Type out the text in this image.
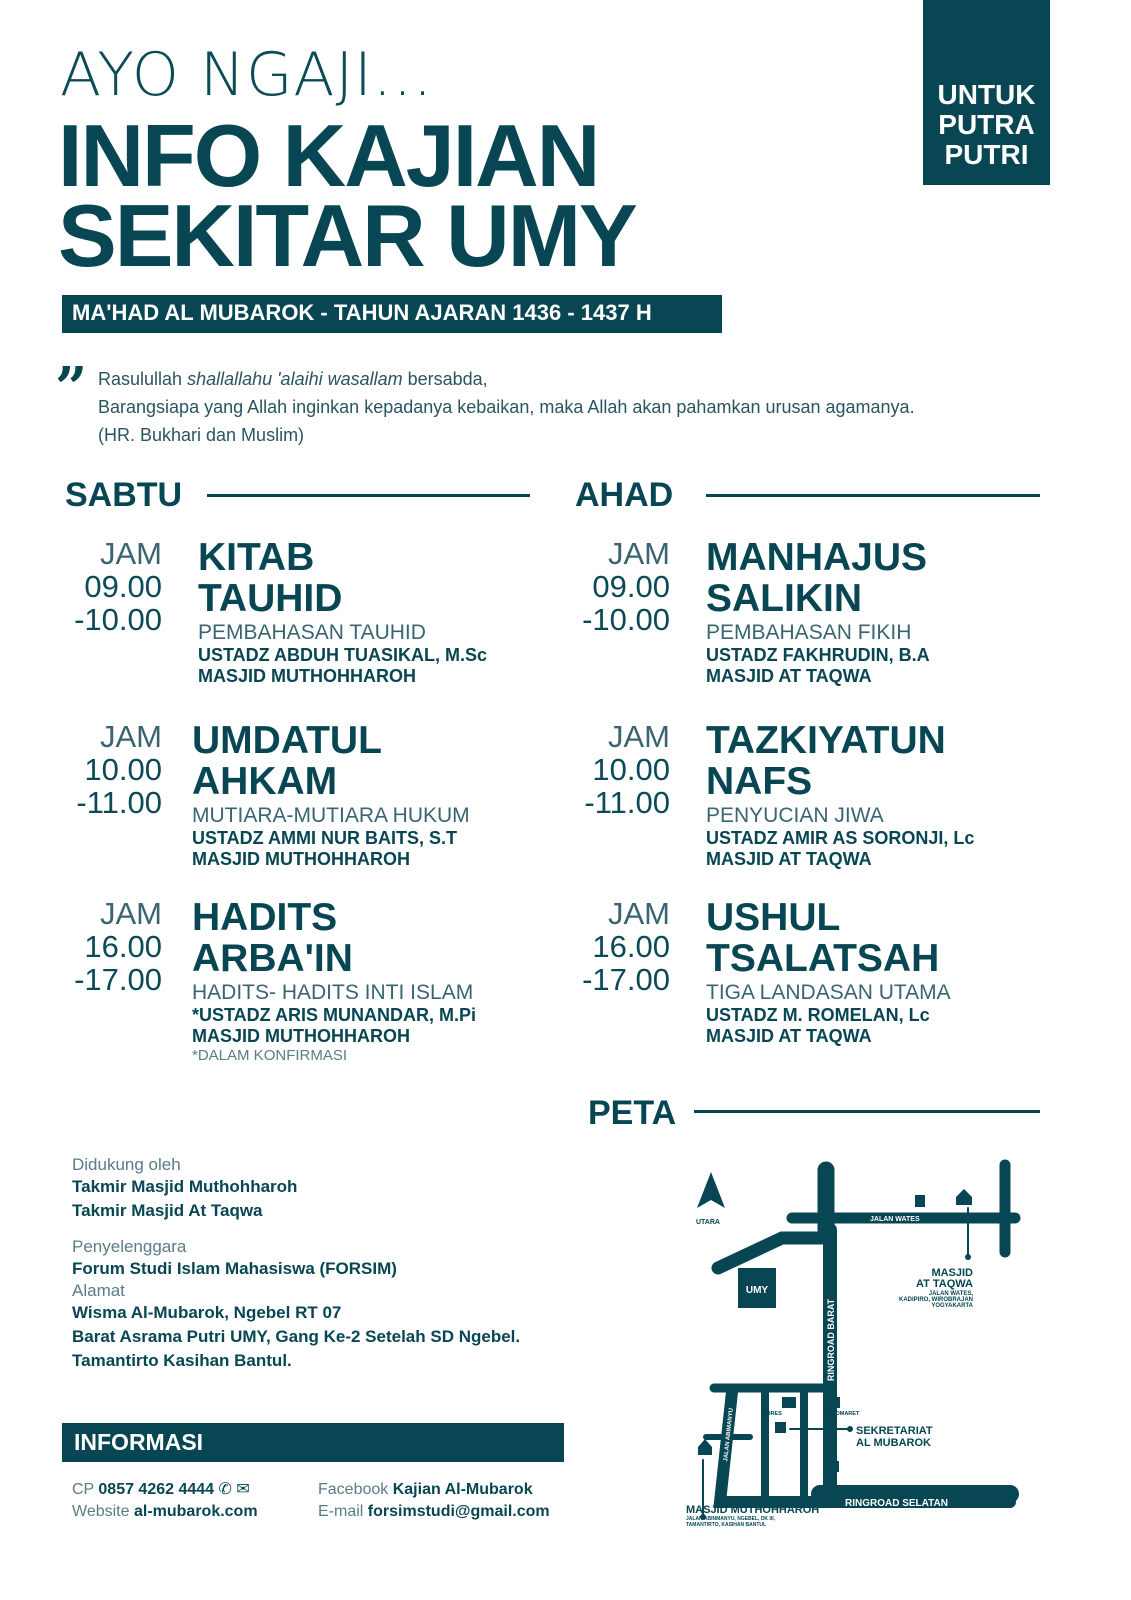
AYO NGAJI...
INFO KAJIAN
SEKITAR UMY
MA'HAD AL MUBAROK - TAHUN AJARAN 1436 - 1437 H
UNTUK
PUTRA
PUTRI
” Rasulullah shallallahu 'alaihi wasallam bersabda,
Barangsiapa yang Allah inginkan kepadanya kebaikan, maka Allah akan pahamkan urusan agamanya.
(HR. Bukhari dan Muslim)
SABTU	AHAD
JAM
09.00
-10.00
KITAB
TAUHID
PEMBAHASAN TAUHID
USTADZ ABDUH TUASIKAL, M.Sc
MASJID MUTHOHHAROH
JAM
10.00
-11.00
UMDATUL
AHKAM
MUTIARA-MUTIARA HUKUM
USTADZ AMMI NUR BAITS, S.T
MASJID MUTHOHHAROH
JAM
16.00
-17.00
HADITS
ARBA'IN
HADITS- HADITS INTI ISLAM
*USTADZ ARIS MUNANDAR, M.Pi
MASJID MUTHOHHAROH
*DALAM KONFIRMASI
JAM
09.00
-10.00
MANHAJUS
SALIKIN
PEMBAHASAN FIKIH
USTADZ FAKHRUDIN, B.A
MASJID AT TAQWA
JAM
10.00
-11.00
TAZKIYATUN
NAFS
PENYUCIAN JIWA
USTADZ AMIR AS SORONJI, Lc
MASJID AT TAQWA
JAM
16.00
-17.00
USHUL
TSALATSAH
TIGA LANDASAN UTAMA
USTADZ M. ROMELAN, Lc
MASJID AT TAQWA
PETA
Didukung oleh
Takmir Masjid Muthohharoh
Takmir Masjid At Taqwa
Penyelenggara
Forum Studi Islam Mahasiswa (FORSIM)
Alamat
Wisma Al-Mubarok, Ngebel RT 07
Barat Asrama Putri UMY, Gang Ke-2 Setelah SD Ngebel.
Tamantirto Kasihan Bantul.
INFORMASI
CP 0857 4262 4444 ✆ ✉
Website al-mubarok.com
Facebook Kajian Al-Mubarok
E-mail forsimstudi@gmail.com
JALAN WATES
UMY
RINGROAD SELATAN
RINGROAD BARAT
JALAN ABIMANYU
UTARA
UNIRES	INDOMARET
MASJID
AT TAQWA
JALAN WATES,
KADIPIRO, WIROBRAJAN
YOGYAKARTA
SEKRETARIAT
AL MUBAROK
MASJID MUTHOHHAROH
JALAN ABINMANYU, NGEBEL, DK III,
TAMANTIRTO, KASIHAN BANTUL
